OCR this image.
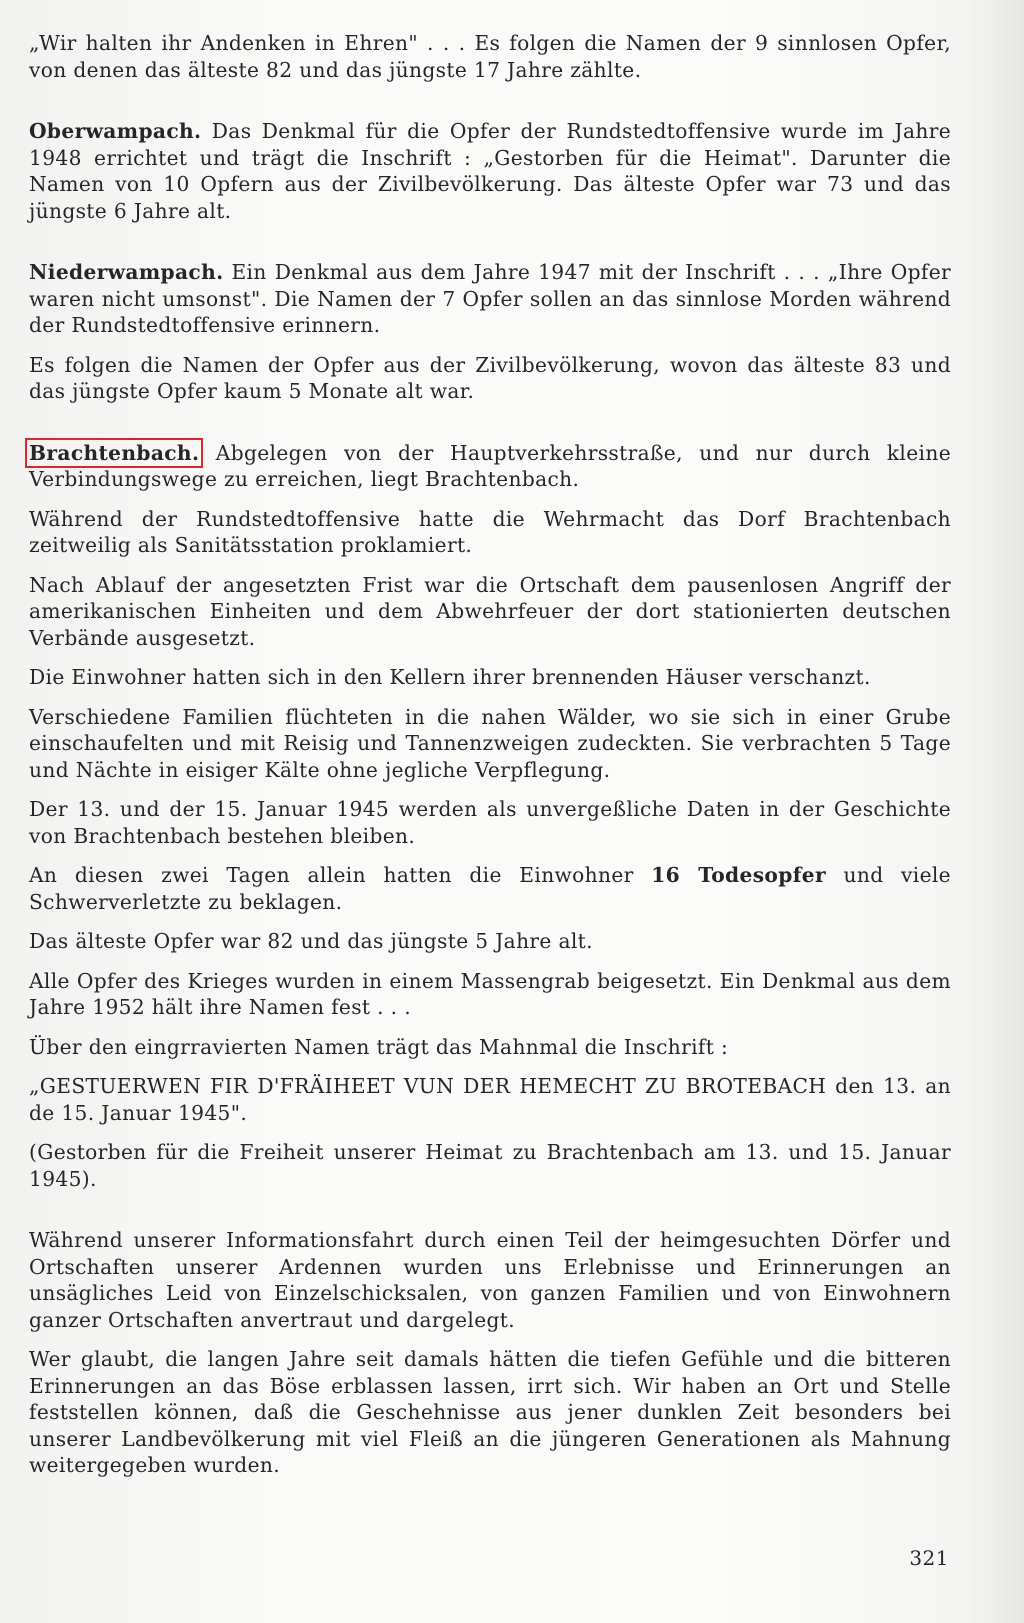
„Wir halten ihr Andenken in Ehren" . . . Es folgen die Namen der 9 sinnlosen Opfer, von denen das älteste 82 und das jüngste 17 Jahre zählte.

Oberwampach. Das Denkmal für die Opfer der Rundstedtoffensive wurde im Jahre 1948 errichtet und trägt die Inschrift : „Gestorben für die Heimat". Darunter die Namen von 10 Opfern aus der Zivilbevölkerung. Das älteste Opfer war 73 und das jüngste 6 Jahre alt.

Niederwampach. Ein Denkmal aus dem Jahre 1947 mit der Inschrift . . . „Ihre Opfer waren nicht umsonst". Die Namen der 7 Opfer sollen an das sinnlose Morden während der Rundstedtoffensive erinnern.

Es folgen die Namen der Opfer aus der Zivilbevölkerung, wovon das älteste 83 und das jüngste Opfer kaum 5 Monate alt war.

Brachtenbach. Abgelegen von der Hauptverkehrsstraße, und nur durch kleine Verbindungswege zu erreichen, liegt Brachtenbach.

Während der Rundstedtoffensive hatte die Wehrmacht das Dorf Brachtenbach zeitweilig als Sanitätsstation proklamiert.

Nach Ablauf der angesetzten Frist war die Ortschaft dem pausenlosen Angriff der amerikanischen Einheiten und dem Abwehrfeuer der dort stationierten deutschen Verbände ausgesetzt.

Die Einwohner hatten sich in den Kellern ihrer brennenden Häuser verschanzt.

Verschiedene Familien flüchteten in die nahen Wälder, wo sie sich in einer Grube einschaufelten und mit Reisig und Tannenzweigen zudeckten. Sie verbrachten 5 Tage und Nächte in eisiger Kälte ohne jegliche Verpflegung.

Der 13. und der 15. Januar 1945 werden als unvergeßliche Daten in der Geschichte von Brachtenbach bestehen bleiben.

An diesen zwei Tagen allein hatten die Einwohner 16 Todesopfer und viele Schwerverletzte zu beklagen.

Das älteste Opfer war 82 und das jüngste 5 Jahre alt.

Alle Opfer des Krieges wurden in einem Massengrab beigesetzt. Ein Denkmal aus dem Jahre 1952 hält ihre Namen fest . . .

Über den eingrravierten Namen trägt das Mahnmal die Inschrift :

„GESTUERWEN FIR D'FRÄIHEET VUN DER HEMECHT ZU BROTEBACH den 13. an de 15. Januar 1945".

(Gestorben für die Freiheit unserer Heimat zu Brachtenbach am 13. und 15. Januar 1945).

Während unserer Informationsfahrt durch einen Teil der heimgesuchten Dörfer und Ortschaften unserer Ardennen wurden uns Erlebnisse und Erinnerungen an unsägliches Leid von Einzelschicksalen, von ganzen Familien und von Einwohnern ganzer Ortschaften anvertraut und dargelegt.

Wer glaubt, die langen Jahre seit damals hätten die tiefen Gefühle und die bitteren Erinnerungen an das Böse erblassen lassen, irrt sich. Wir haben an Ort und Stelle feststellen können, daß die Geschehnisse aus jener dunklen Zeit besonders bei unserer Landbevölkerung mit viel Fleiß an die jüngeren Generationen als Mahnung weitergegeben wurden.

321
